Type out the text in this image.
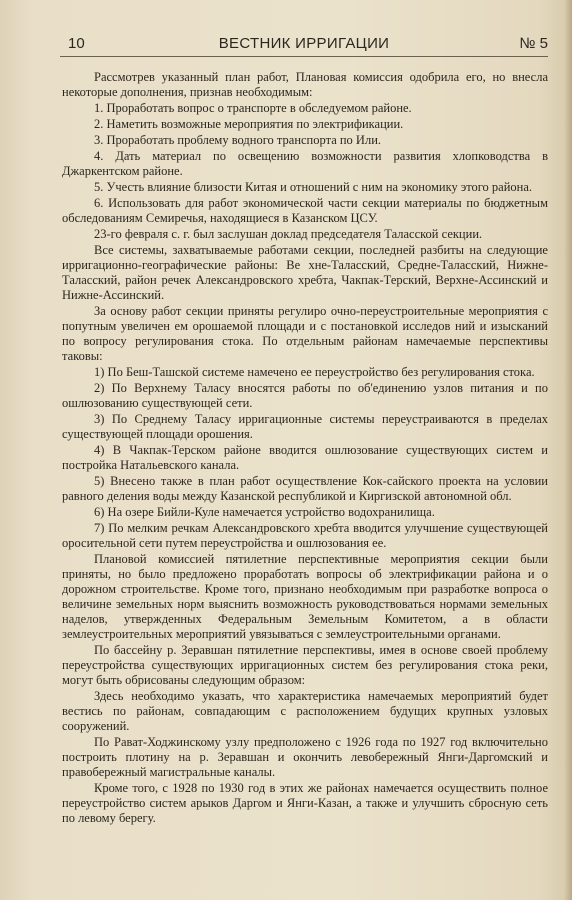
10	ВЕСТНИК ИРРИГАЦИИ	№ 5

Рассмотрев указанный план работ, Плановая комиссия одобрила его, но внесла некоторые дополнения, признав необходимым:

1. Проработать вопрос о транспорте в обследуемом районе.

2. Наметить возможные мероприятия по электрификации.

3. Проработать проблему водного транспорта по Или.

4. Дать материал по освещению возможности развития хлопководства в Джаркентском районе.

5. Учесть влияние близости Китая и отношений с ним на экономику этого района.

6. Использовать для работ экономической части секции материалы по бюджетным обследованиям Семиречья, находящиеся в Казанском ЦСУ.

23-го февраля с. г. был заслушан доклад председателя Таласской секции.

Все системы, захватываемые работами секции, последней разбиты на следующие ирригационно-географические районы: Ве хне-Таласский, Средне-Таласский, Нижне-Таласский, район речек Александровского хребта, Чакпак-Терский, Верхне-Ассинский и Нижне-Ассинский.

За основу работ секции приняты регулиро очно-переустроительные мероприятия с попутным увеличен ем орошаемой площади и с постановкой исследов ний и изысканий по вопросу регулирования стока. По отдельным районам намечаемые перспективы таковы:

1) По Беш-Ташской системе намечено ее переустройство без регулирования стока.

2) По Верхнему Таласу вносятся работы по об'единению узлов питания и по ошлюзованию существующей сети.

3) По Среднему Таласу ирригационные системы переустраиваются в пределах существующей площади орошения.

4) В Чакпак-Терском районе вводится ошлюзование существующих систем и постройка Натальевского канала.

5) Внесено также в план работ осуществление Кок-сайского проекта на условии равного деления воды между Казанской республикой и Киргизской автономной обл.

6) На озере Бийли-Куле намечается устройство водохранилища.

7) По мелким речкам Александровского хребта вводится улучшение существующей оросительной сети путем переустройства и ошлюзования ее.

Плановой комиссией пятилетние перспективные мероприятия секции были приняты, но было предложено проработать вопросы об электрификации района и о дорожном строительстве. Кроме того, признано необходимым при разработке вопроса о величине земельных норм выяснить возможность руководствоваться нормами земельных наделов, утвержденных Федеральным Земельным Комитетом, а в области землеустроительных мероприятий увязываться с землеустроительными органами.

По бассейну р. Зеравшан пятилетние перспективы, имея в основе своей проблему переустройства существующих ирригационных систем без регулирования стока реки, могут быть обрисованы следующим образом:

Здесь необходимо указать, что характеристика намечаемых мероприятий будет вестись по районам, совпадающим с расположением будущих крупных узловых сооружений.

По Рават-Ходжинскому узлу предположено с 1926 года по 1927 год включительно построить плотину на р. Зеравшан и окончить левобережный Янги-Даргомский и правобережный магистральные каналы.

Кроме того, с 1928 по 1930 год в этих же районах намечается осуществить полное переустройство систем арыков Даргом и Янги-Казан, а также и улучшить сбросную сеть по левому берегу.
